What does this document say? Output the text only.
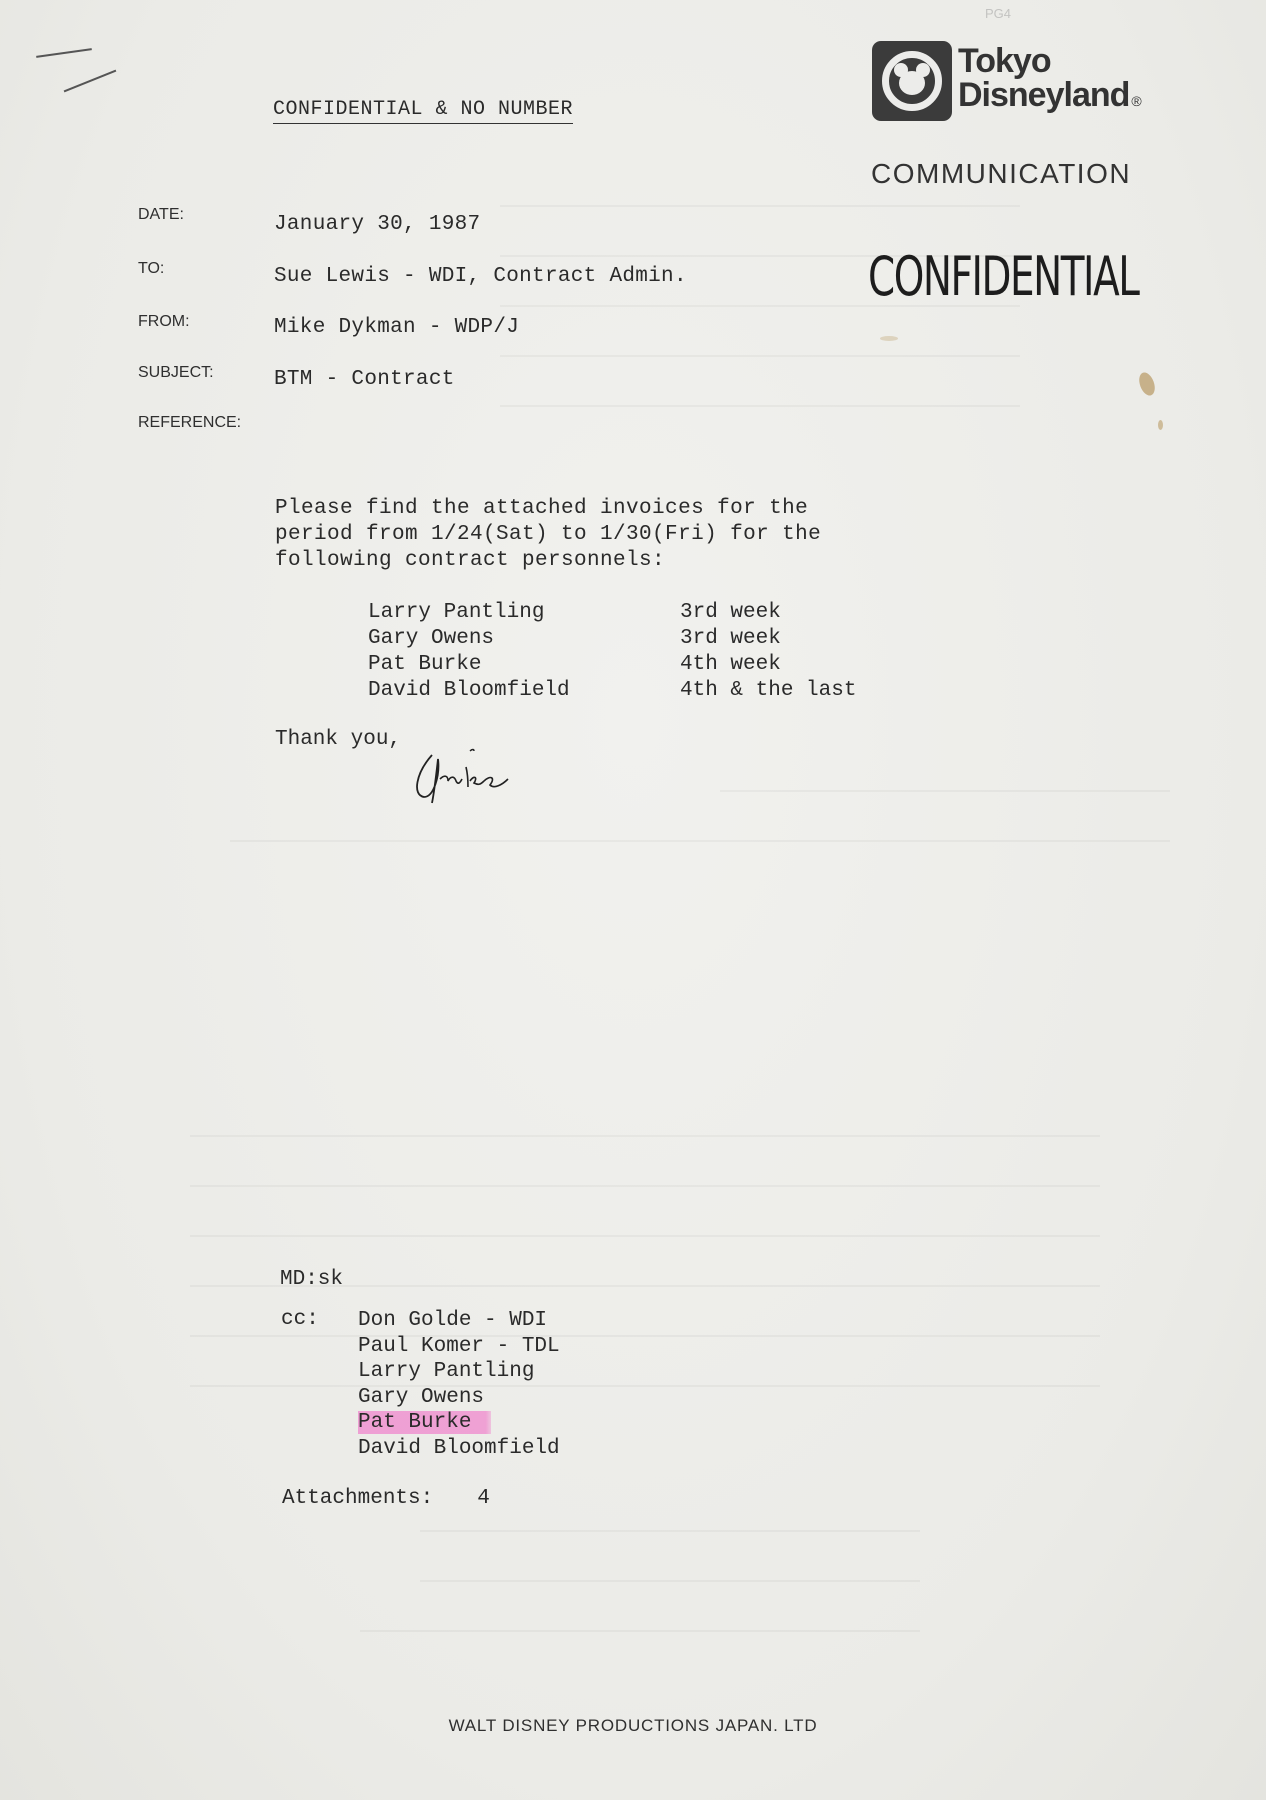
PG4
CONFIDENTIAL & NO NUMBER
Tokyo
Disneyland ®
COMMUNICATION
CONFIDENTIAL
DATE:	January 30, 1987
TO:	Sue Lewis - WDI, Contract Admin.
FROM:	Mike Dykman - WDP/J
SUBJECT:	BTM - Contract
REFERENCE:
Please find the attached invoices for the
period from 1/24(Sat) to 1/30(Fri) for the
following contract personnels:
Larry Pantling	3rd week
Gary Owens	3rd week
Pat Burke	4th week
David Bloomfield	4th & the last
Thank you,
MD:sk
cc: Don Golde - WDI
Paul Komer - TDL
Larry Pantling
Gary Owens
Pat Burke
David Bloomfield
Attachments: 4
WALT DISNEY PRODUCTIONS JAPAN. LTD
